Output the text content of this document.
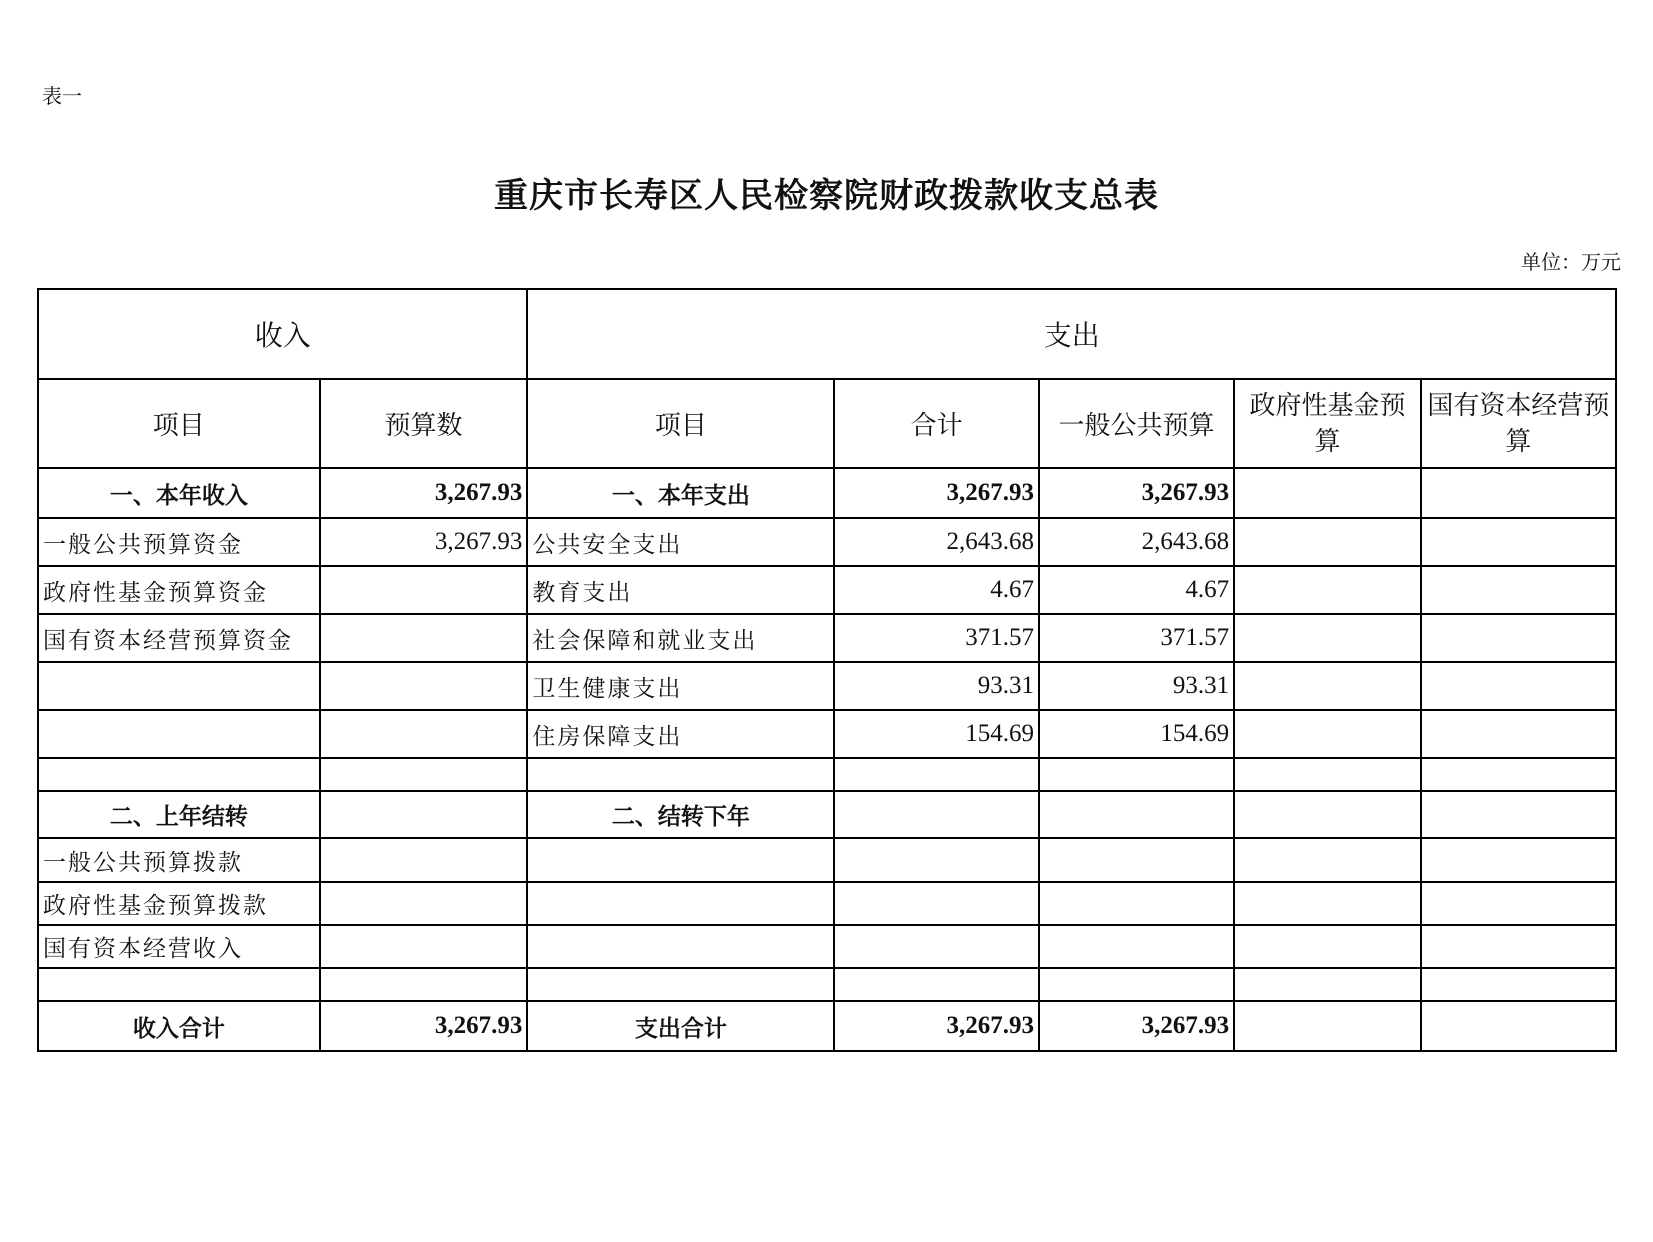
表一
重庆市长寿区人民检察院财政拨款收支总表
单位：万元
收入		支出				
项目	预算数	项目	合计	一般公共预算	政府性基金预算	国有资本经营预算
一、本年收入	3,267.93	一、本年支出	3,267.93	3,267.93		
一般公共预算资金	3,267.93	公共安全支出	2,643.68	2,643.68		
政府性基金预算资金		教育支出	4.67	4.67		
国有资本经营预算资金		社会保障和就业支出	371.57	371.57		
		卫生健康支出	93.31	93.31		
		住房保障支出	154.69	154.69		

二、上年结转		二、结转下年				
一般公共预算拨款						
政府性基金预算拨款						
国有资本经营收入						

收入合计	3,267.93	支出合计	3,267.93	3,267.93		
